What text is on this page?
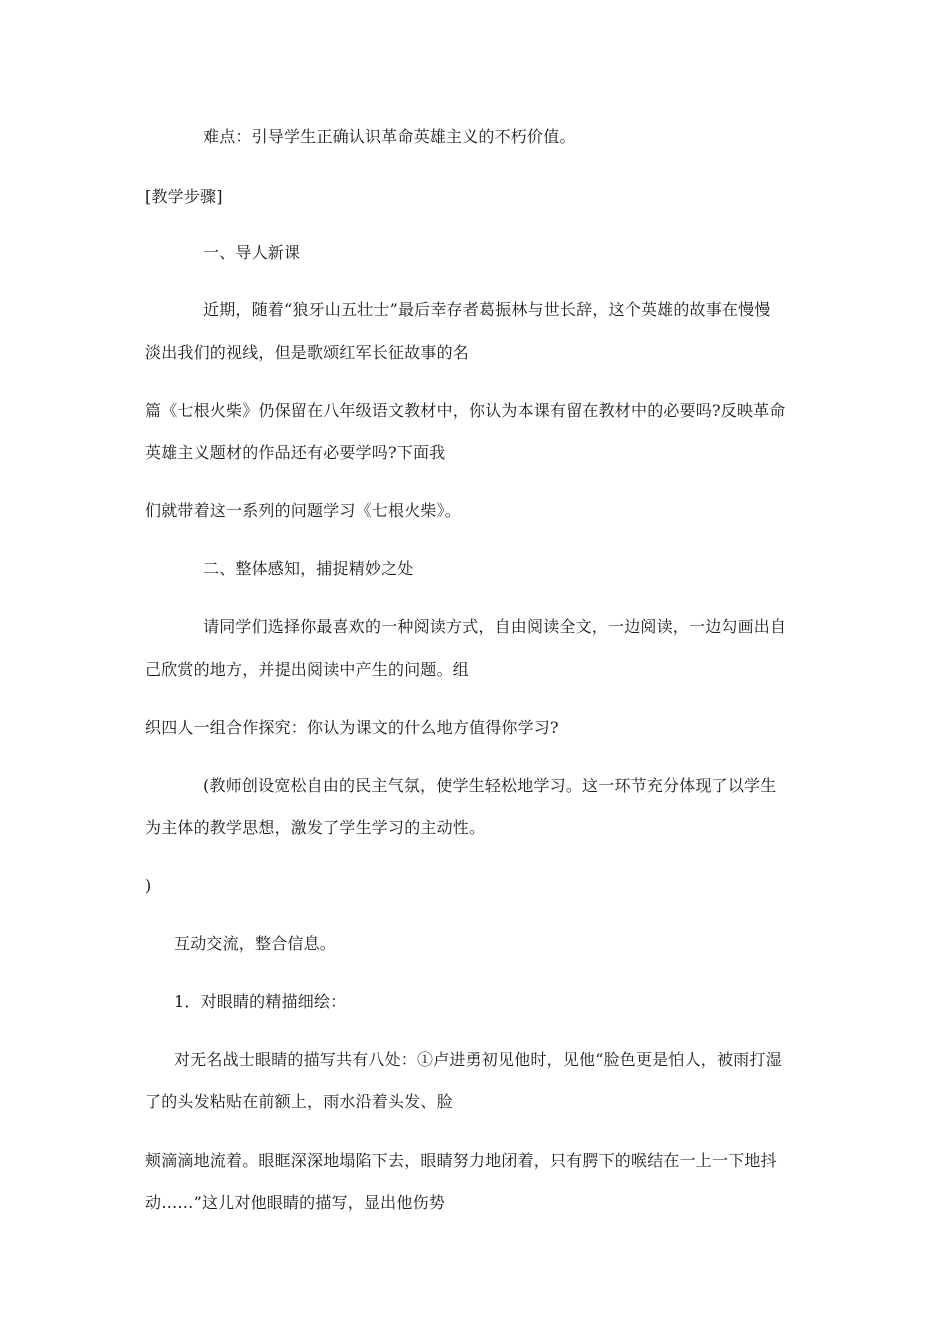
难点：引导学生正确认识革命英雄主义的不朽价值。

[教学步骤]

一、导人新课

近期，随着“狼牙山五壮士”最后幸存者葛振林与世长辞，这个英雄的故事在慢慢

淡出我们的视线，但是歌颂红军长征故事的名

篇《七根火柴》仍保留在八年级语文教材中，你认为本课有留在教材中的必要吗?反映革命

英雄主义题材的作品还有必要学吗?下面我

们就带着这一系列的问题学习《七根火柴》。

二、整体感知，捕捉精妙之处

请同学们选择你最喜欢的一种阅读方式，自由阅读全文，一边阅读，一边勾画出自

己欣赏的地方，并提出阅读中产生的问题。组

织四人一组合作探究：你认为课文的什么地方值得你学习?

(教师创设宽松自由的民主气氛，使学生轻松地学习。这一环节充分体现了以学生

为主体的教学思想，激发了学生学习的主动性。

)

互动交流，整合信息。

1．对眼睛的精描细绘：

对无名战士眼睛的描写共有八处：①卢进勇初见他时，见他“脸色更是怕人，被雨打湿

了的头发粘贴在前额上，雨水沿着头发、脸

颊滴滴地流着。眼眶深深地塌陷下去，眼睛努力地闭着，只有腭下的喉结在一上一下地抖

动……”这儿对他眼睛的描写，显出他伤势
